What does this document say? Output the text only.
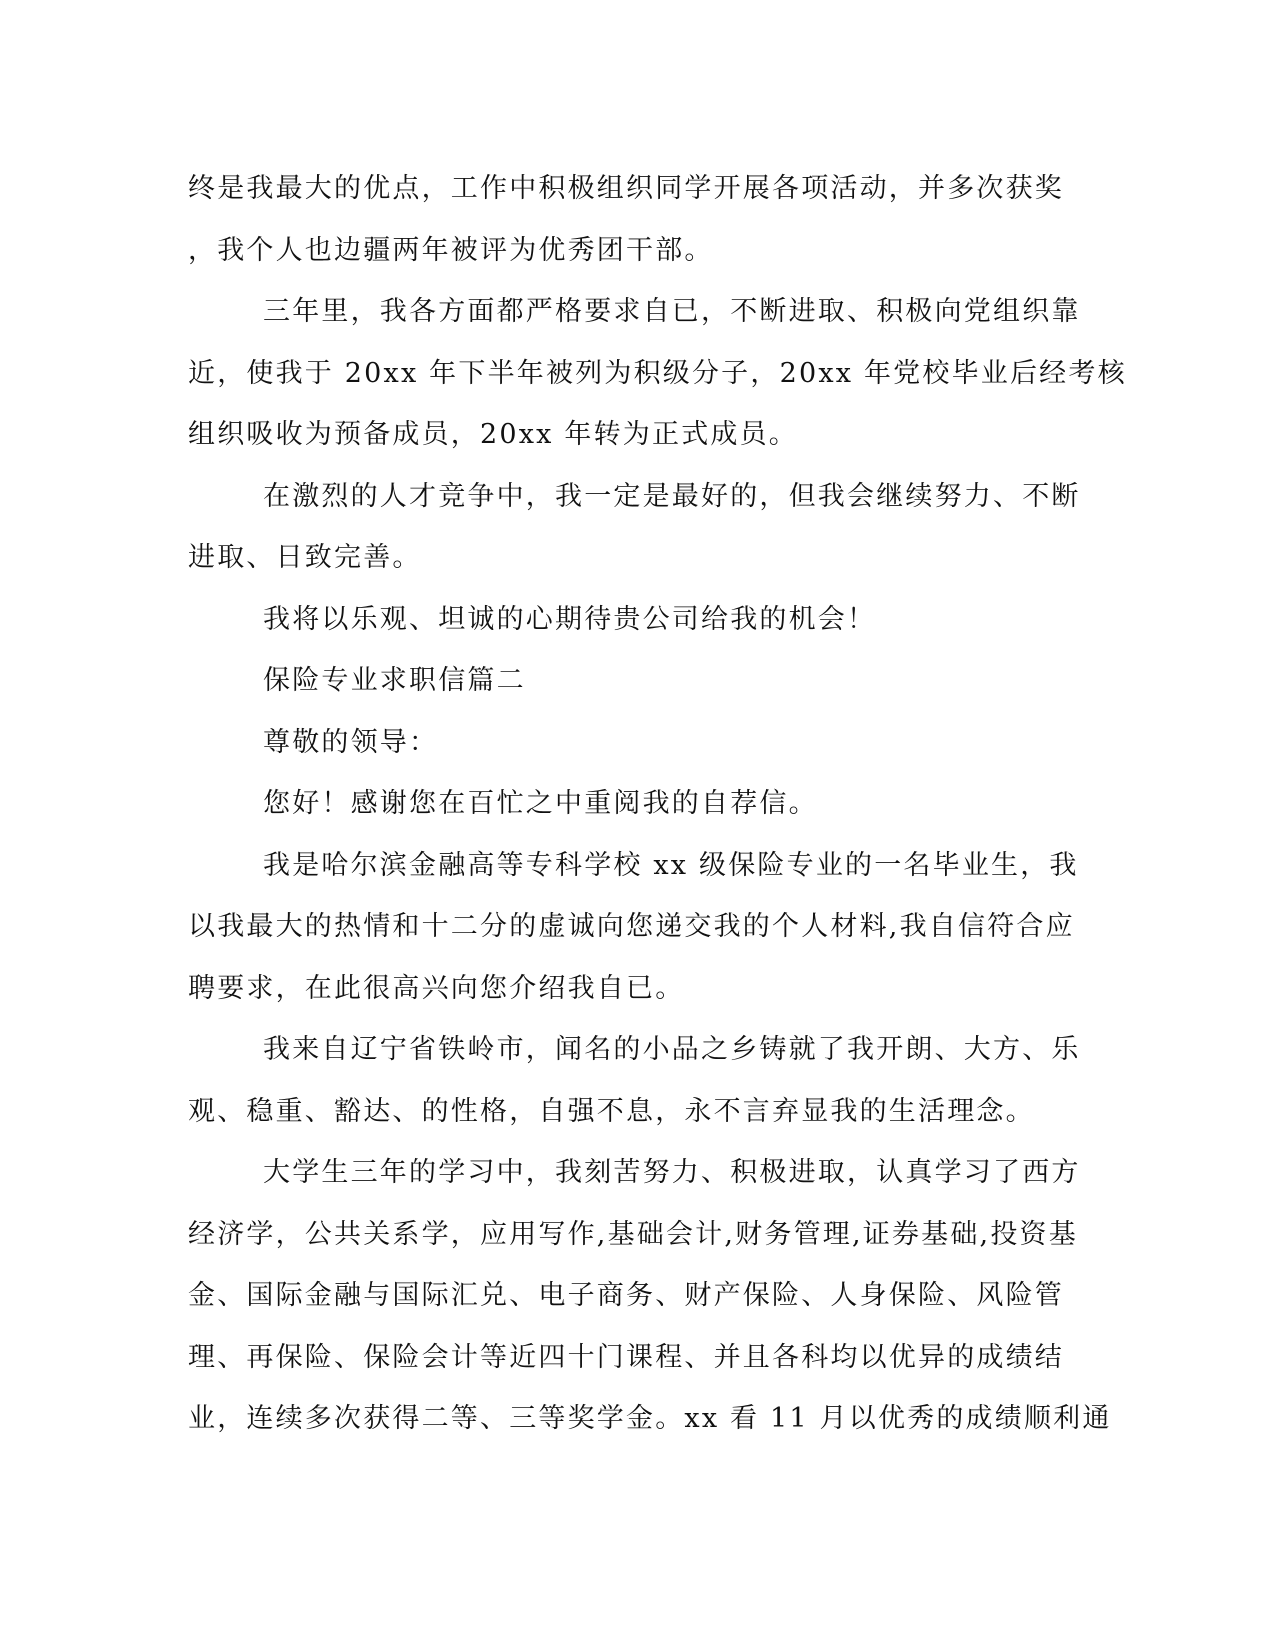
终是我最大的优点，工作中积极组织同学开展各项活动，并多次获奖
，我个人也边疆两年被评为优秀团干部。
三年里，我各方面都严格要求自已，不断进取、积极向党组织靠
近，使我于 20xx 年下半年被列为积级分子，20xx 年党校毕业后经考核
组织吸收为预备成员，20xx 年转为正式成员。
在激烈的人才竞争中，我一定是最好的，但我会继续努力、不断
进取、日致完善。
我将以乐观、坦诚的心期待贵公司给我的机会！
保险专业求职信篇二
尊敬的领导：
您好！感谢您在百忙之中重阅我的自荐信。
我是哈尔滨金融高等专科学校 xx 级保险专业的一名毕业生，我
以我最大的热情和十二分的虚诚向您递交我的个人材料,我自信符合应
聘要求，在此很高兴向您介绍我自已。
我来自辽宁省铁岭市，闻名的小品之乡铸就了我开朗、大方、乐
观、稳重、豁达、的性格，自强不息，永不言弃显我的生活理念。
大学生三年的学习中，我刻苦努力、积极进取，认真学习了西方
经济学，公共关系学，应用写作,基础会计,财务管理,证券基础,投资基
金、国际金融与国际汇兑、电子商务、财产保险、人身保险、风险管
理、再保险、保险会计等近四十门课程、并且各科均以优异的成绩结
业，连续多次获得二等、三等奖学金。xx 看 11 月以优秀的成绩顺利通
